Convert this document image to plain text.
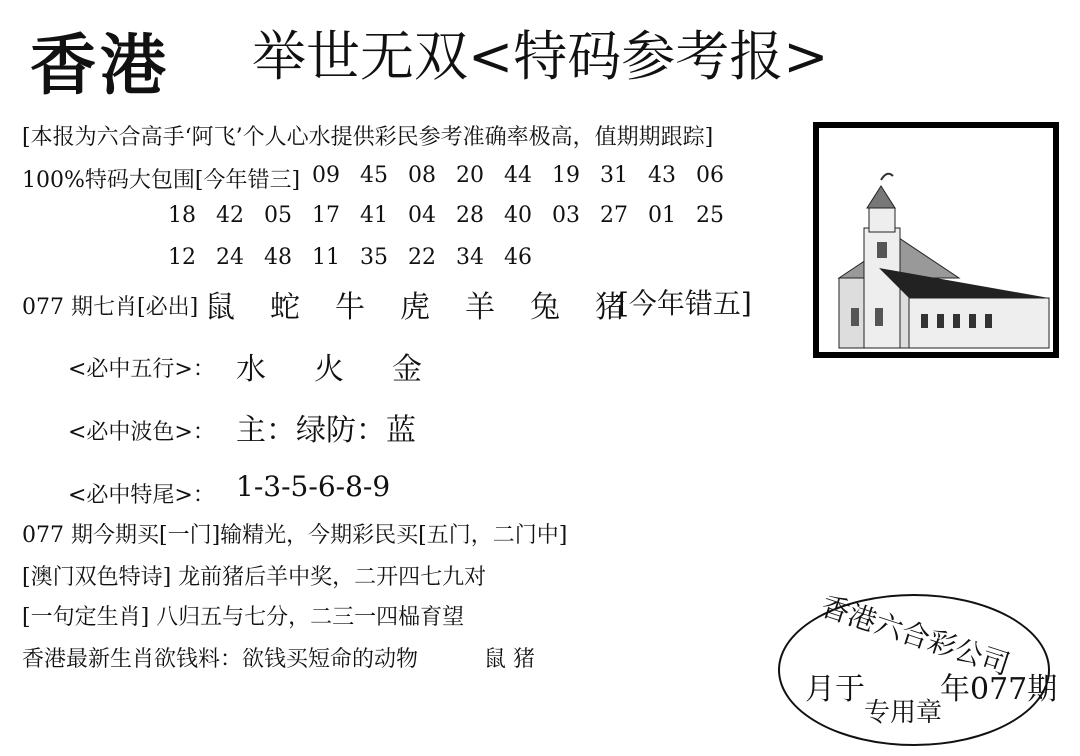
香港 举世无双<特码参考报>
[本报为六合高手‘阿飞’个人心水提供彩民参考准确率极高，值期期跟踪]
100%特码大包围[今年错三] 09 45 08 20 44 19 31 43 06
18 42 05 17 41 04 28 40 03 27 01 25
12 24 48 11 35 22 34 46
077 期七肖[必出] 鼠 蛇 牛 虎 羊 兔 猪
[今年错五]
<必中五行>： 水 火 金
<必中波色>： 主：绿防：蓝
<必中特尾>： 1-3-5-6-8-9
077 期今期买[一门]输精光，今期彩民买[五门，二门中]
[澳门双色特诗] 龙前猪后羊中奖，二开四七九对
[一句定生肖] 八归五与七分，二三一四榀育望
香港最新生肖欲钱料：欲钱买短命的动物	鼠 猪
月于	年077期
香港六合彩公司
专用章
